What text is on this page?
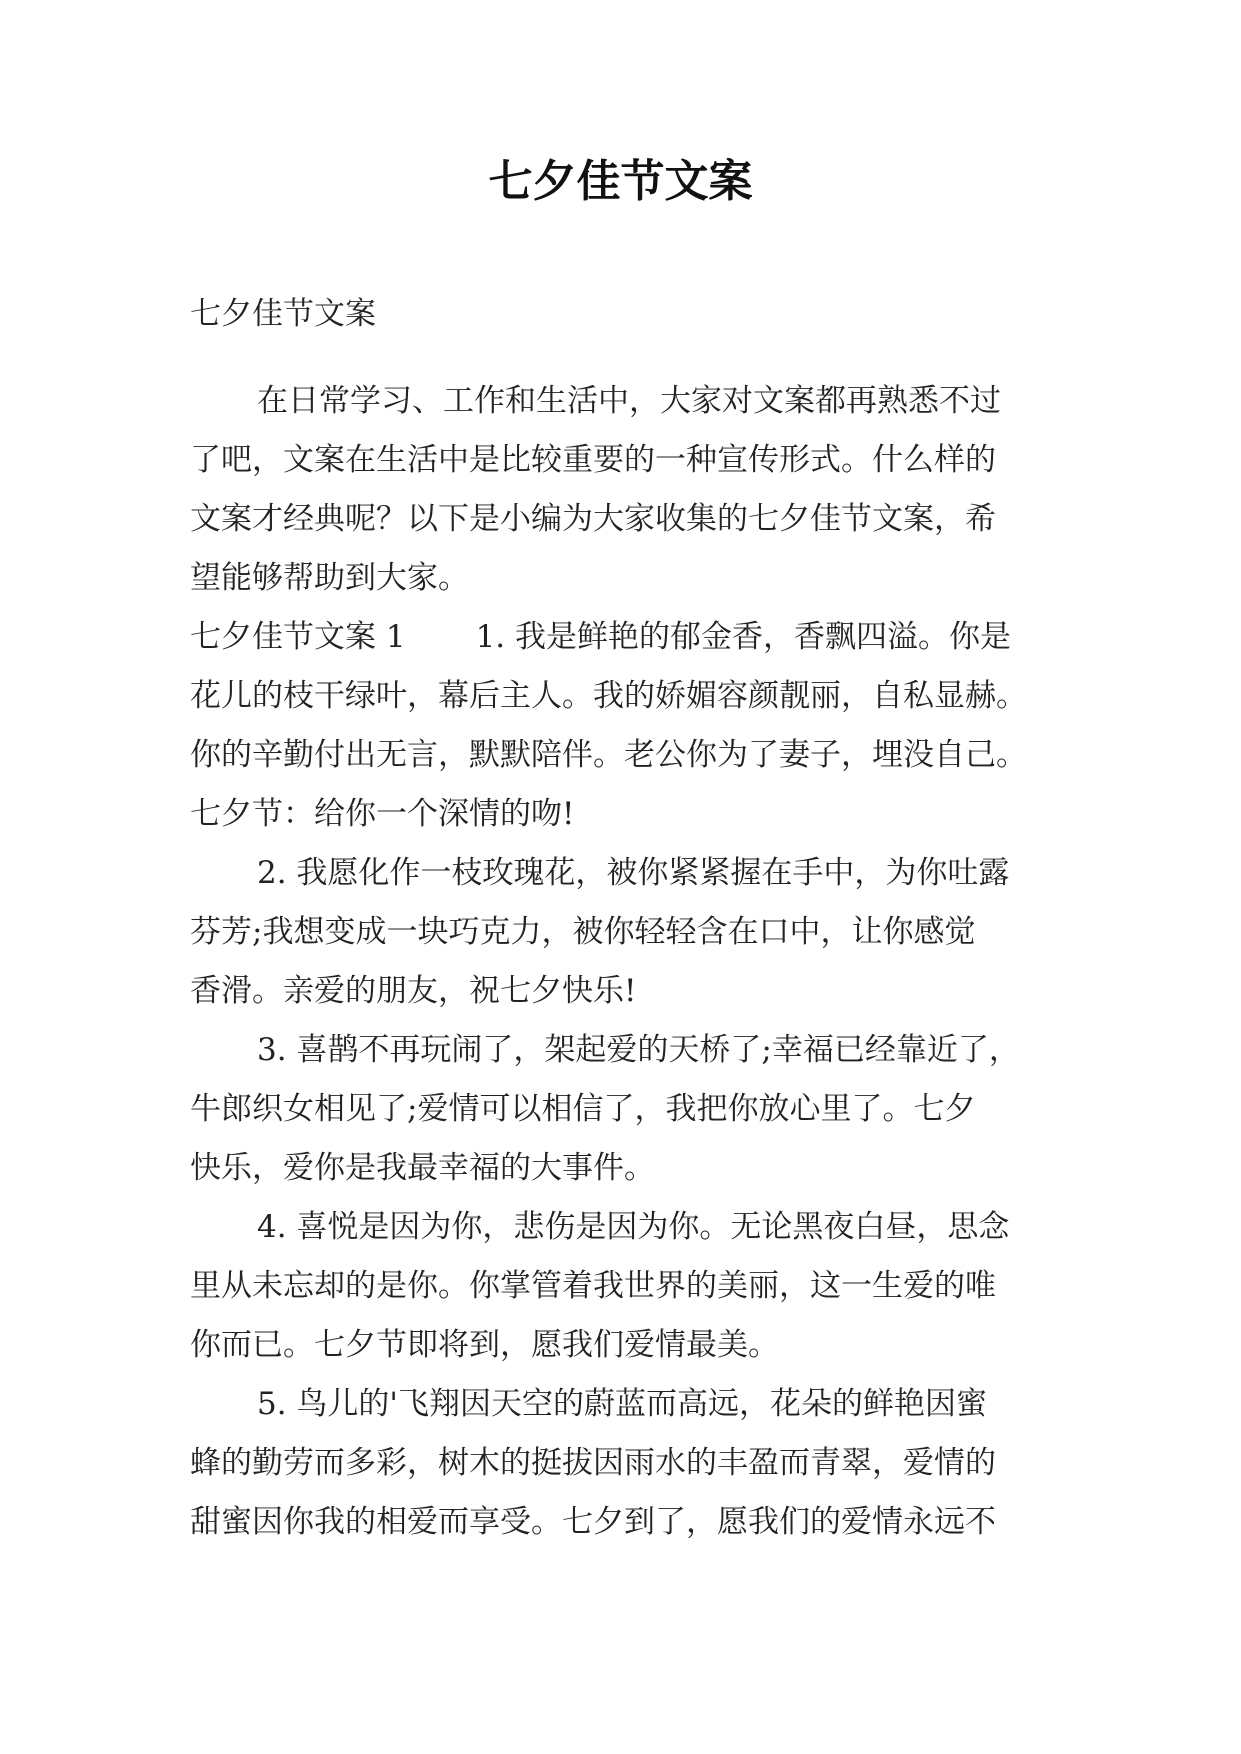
七夕佳节文案

七夕佳节文案

在日常学习、工作和生活中，大家对文案都再熟悉不过
了吧，文案在生活中是比较重要的一种宣传形式。什么样的
文案才经典呢？以下是小编为大家收集的七夕佳节文案，希
望能够帮助到大家。
七夕佳节文案 1 1. 我是鲜艳的郁金香，香飘四溢。你是
花儿的枝干绿叶，幕后主人。我的娇媚容颜靓丽，自私显赫。
你的辛勤付出无言，默默陪伴。老公你为了妻子，埋没自己。
七夕节：给你一个深情的吻!
2. 我愿化作一枝玫瑰花，被你紧紧握在手中，为你吐露
芬芳;我想变成一块巧克力，被你轻轻含在口中，让你感觉
香滑。亲爱的朋友，祝七夕快乐!
3. 喜鹊不再玩闹了，架起爱的天桥了;幸福已经靠近了，
牛郎织女相见了;爱情可以相信了，我把你放心里了。七夕
快乐，爱你是我最幸福的大事件。
4. 喜悦是因为你，悲伤是因为你。无论黑夜白昼，思念
里从未忘却的是你。你掌管着我世界的美丽，这一生爱的唯
你而已。七夕节即将到，愿我们爱情最美。
5. 鸟儿的'飞翔因天空的蔚蓝而高远，花朵的鲜艳因蜜
蜂的勤劳而多彩，树木的挺拔因雨水的丰盈而青翠，爱情的
甜蜜因你我的相爱而享受。七夕到了，愿我们的爱情永远不
